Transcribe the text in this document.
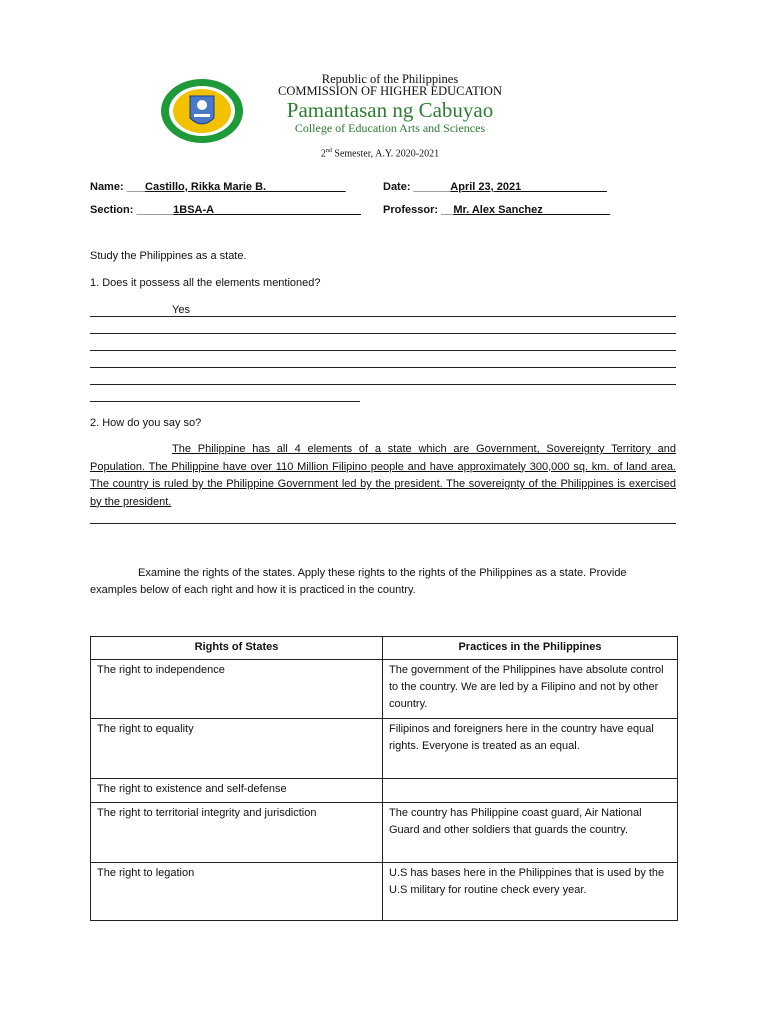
Republic of the Philippines
COMMISSION OF HIGHER EDUCATION
Pamantasan ng Cabuyao
College of Education Arts and Sciences
2nd Semester, A.Y. 2020-2021
Name: ___Castillo, Rikka Marie B._____________	Date: ______April 23, 2021______________
Section: ______1BSA-A________________________ Professor: __Mr. Alex Sanchez___________
Study the Philippines as a state.
1. Does it possess all the elements mentioned?
Yes
2. How do you say so?
The Philippine has all 4 elements of a state which are Government, Sovereignty Territory and Population. The Philippine have over 110 Million Filipino people and have approximately 300,000 sq. km. of land area. The country is ruled by the Philippine Government led by the president. The sovereignty of the Philippines is exercised by the president.
Examine the rights of the states. Apply these rights to the rights of the Philippines as a state. Provide examples below of each right and how it is practiced in the country.
Rights of States	Practices in the Philippines
The right to independence	The government of the Philippines have absolute control to the country. We are led by a Filipino and not by other country.
The right to equality	Filipinos and foreigners here in the country have equal rights. Everyone is treated as an equal.
The right to existence and self-defense	
The right to territorial integrity and jurisdiction	The country has Philippine coast guard, Air National Guard and other soldiers that guards the country.
The right to legation	U.S has bases here in the Philippines that is used by the U.S military for routine check every year.
